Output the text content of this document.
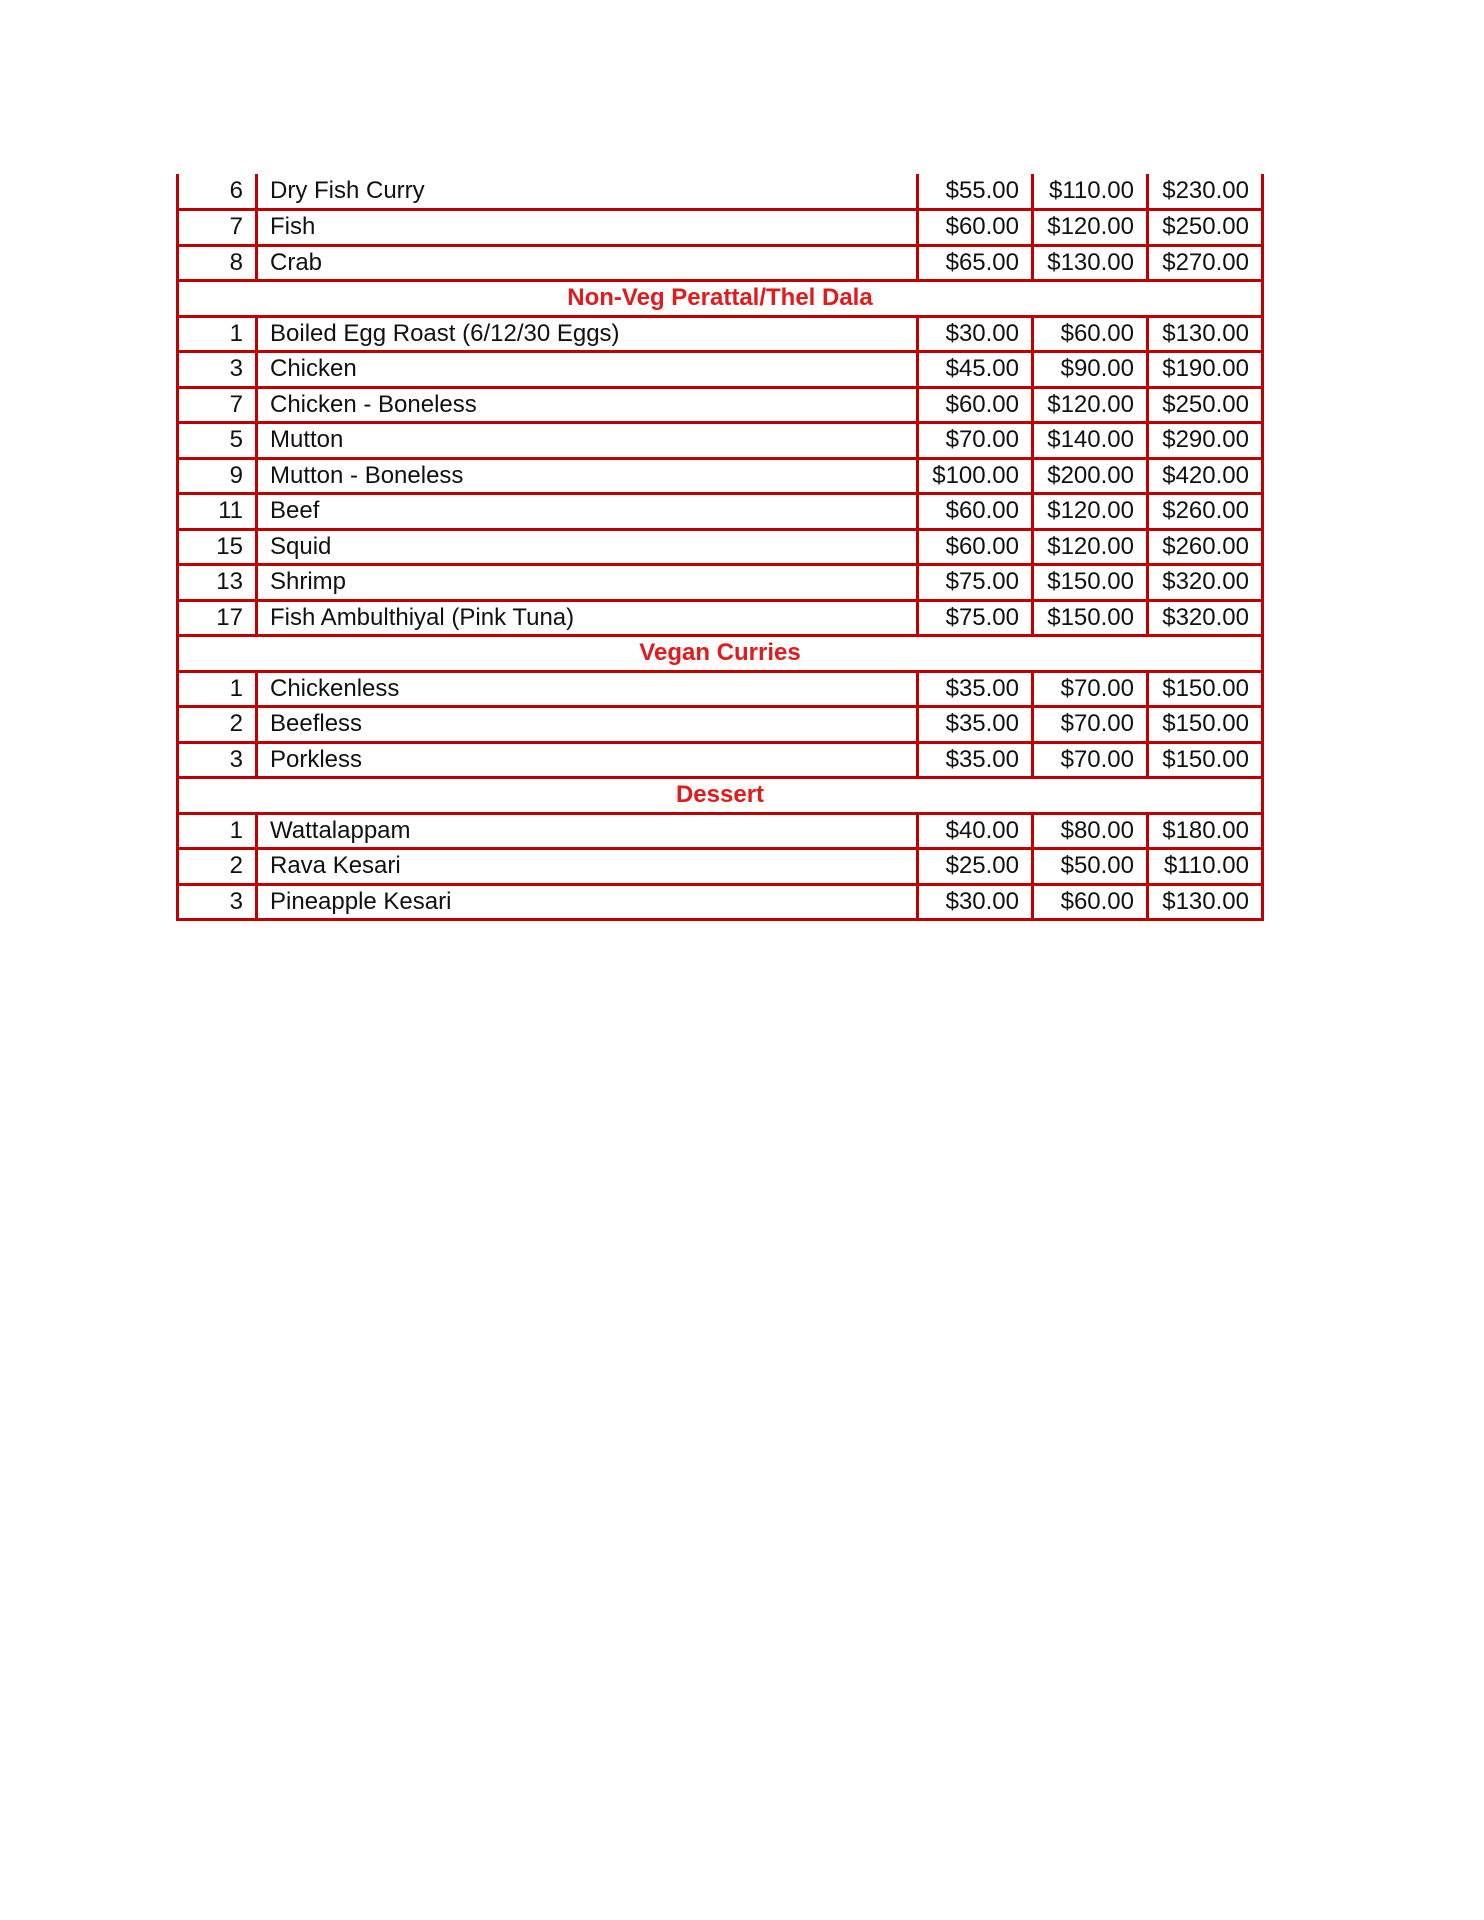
6	Dry Fish Curry	$55.00	$110.00	$230.00
7	Fish	$60.00	$120.00	$250.00
8	Crab	$65.00	$130.00	$270.00
Non-Veg Perattal/Thel Dala				
1	Boiled Egg Roast (6/12/30 Eggs)	$30.00	$60.00	$130.00
3	Chicken	$45.00	$90.00	$190.00
7	Chicken - Boneless	$60.00	$120.00	$250.00
5	Mutton	$70.00	$140.00	$290.00
9	Mutton - Boneless	$100.00	$200.00	$420.00
11	Beef	$60.00	$120.00	$260.00
15	Squid	$60.00	$120.00	$260.00
13	Shrimp	$75.00	$150.00	$320.00
17	Fish Ambulthiyal (Pink Tuna)	$75.00	$150.00	$320.00
Vegan Curries				
1	Chickenless	$35.00	$70.00	$150.00
2	Beefless	$35.00	$70.00	$150.00
3	Porkless	$35.00	$70.00	$150.00
Dessert				
1	Wattalappam	$40.00	$80.00	$180.00
2	Rava Kesari	$25.00	$50.00	$110.00
3	Pineapple Kesari	$30.00	$60.00	$130.00
